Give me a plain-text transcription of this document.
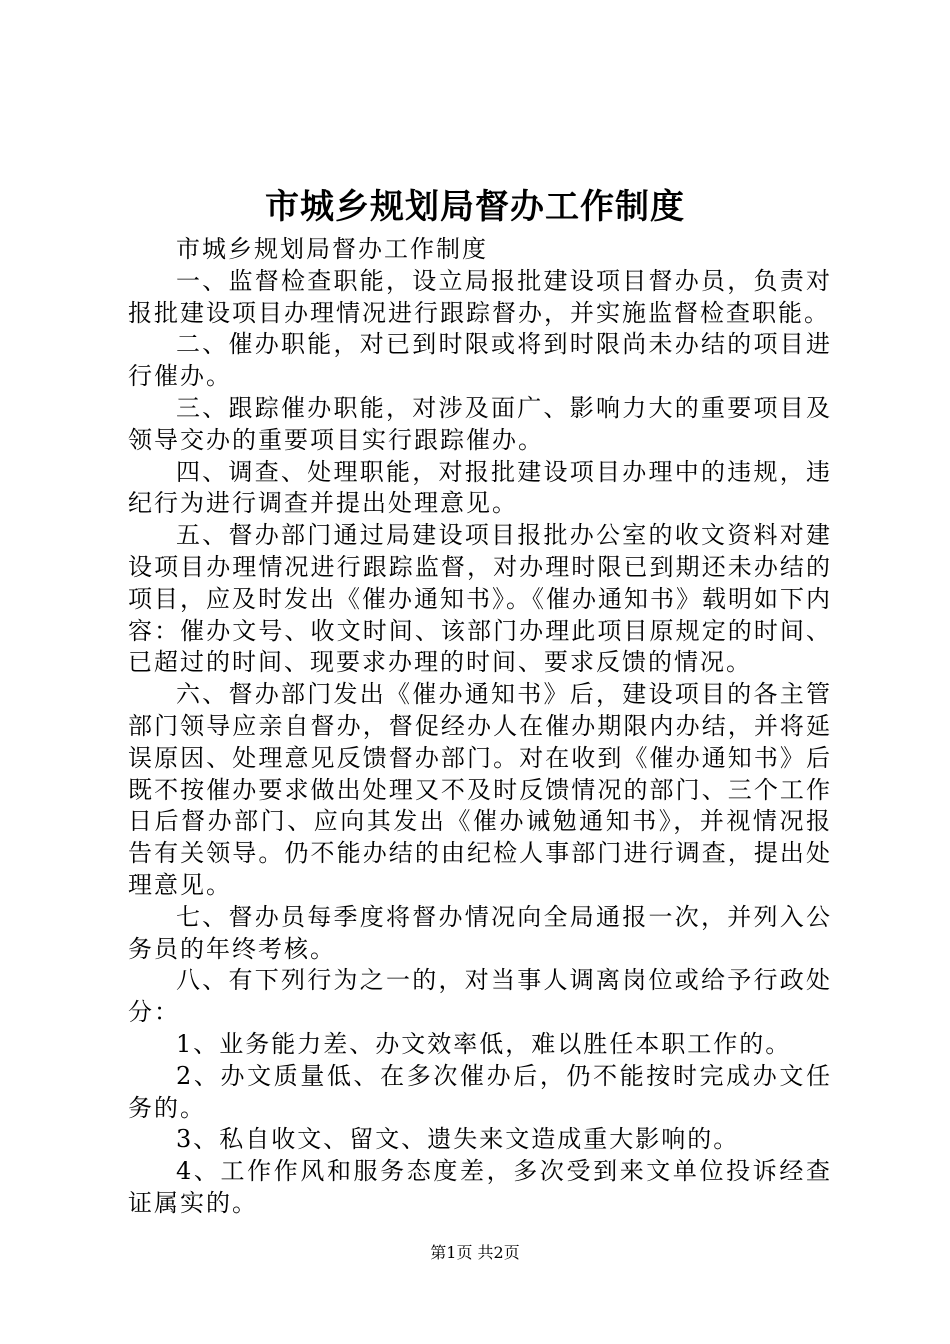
市城乡规划局督办工作制度

市城乡规划局督办工作制度

一、监督检查职能，设立局报批建设项目督办员，负责对报批建设项目办理情况进行跟踪督办，并实施监督检查职能。

二、催办职能，对已到时限或将到时限尚未办结的项目进行催办。

三、跟踪催办职能，对涉及面广、影响力大的重要项目及领导交办的重要项目实行跟踪催办。

四、调查、处理职能，对报批建设项目办理中的违规，违纪行为进行调查并提出处理意见。

五、督办部门通过局建设项目报批办公室的收文资料对建设项目办理情况进行跟踪监督，对办理时限已到期还未办结的项目，应及时发出《催办通知书》。《催办通知书》载明如下内容：催办文号、收文时间、该部门办理此项目原规定的时间、已超过的时间、现要求办理的时间、要求反馈的情况。

六、督办部门发出《催办通知书》后，建设项目的各主管部门领导应亲自督办，督促经办人在催办期限内办结，并将延误原因、处理意见反馈督办部门。对在收到《催办通知书》后既不按催办要求做出处理又不及时反馈情况的部门、三个工作日后督办部门、应向其发出《催办诫勉通知书》，并视情况报告有关领导。仍不能办结的由纪检人事部门进行调查，提出处理意见。

七、督办员每季度将督办情况向全局通报一次，并列入公务员的年终考核。

八、有下列行为之一的，对当事人调离岗位或给予行政处分：

1、业务能力差、办文效率低，难以胜任本职工作的。

2、办文质量低、在多次催办后，仍不能按时完成办文任务的。

3、私自收文、留文、遗失来文造成重大影响的。

4、工作作风和服务态度差，多次受到来文单位投诉经查证属实的。

第1页 共2页
